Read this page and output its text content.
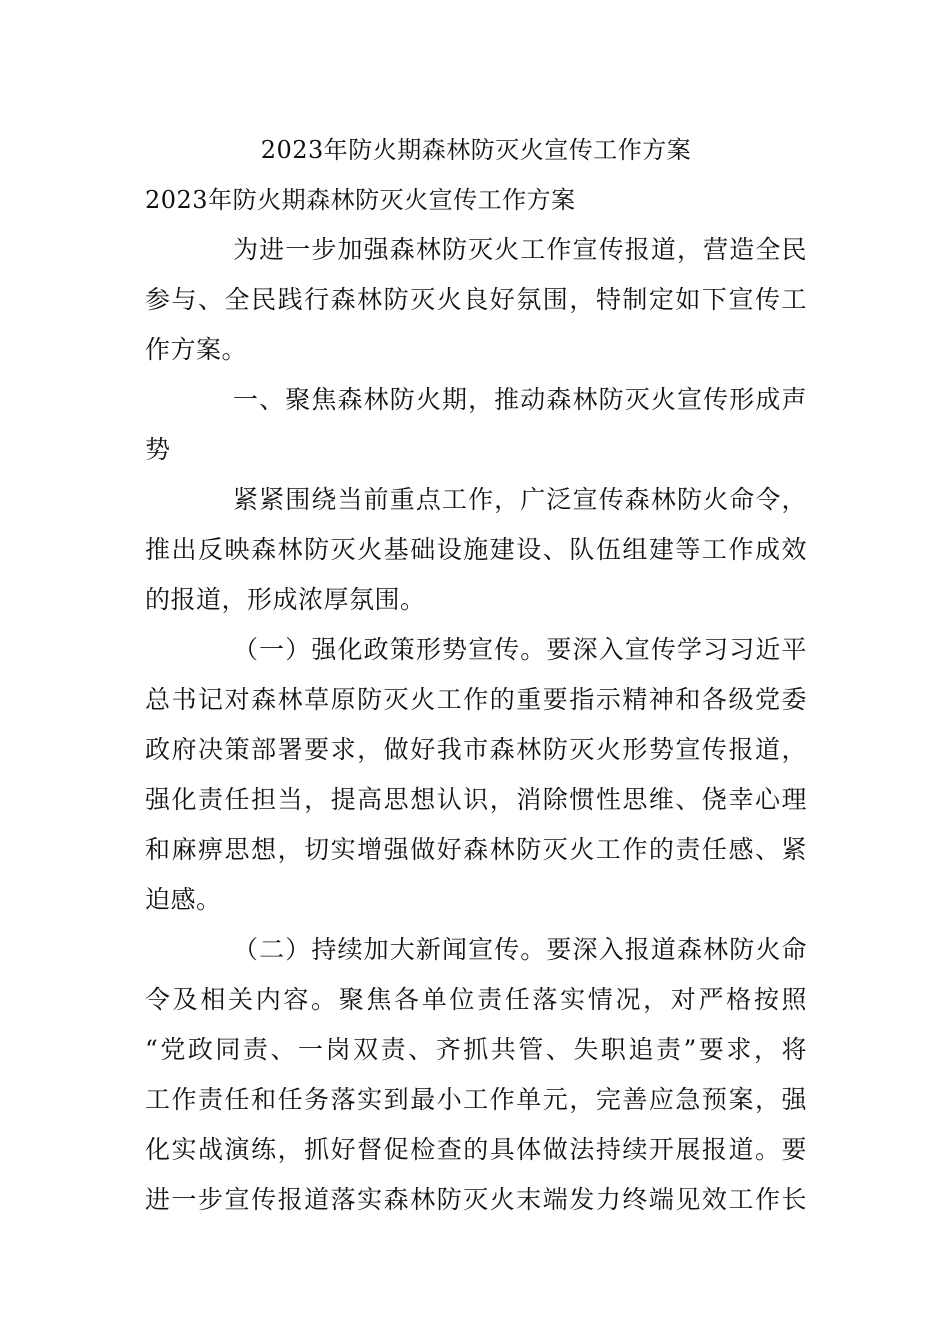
2023年防火期森林防灭火宣传工作方案
2023年防火期森林防灭火宣传工作方案
为进一步加强森林防灭火工作宣传报道，营造全民
参与、全民践行森林防灭火良好氛围，特制定如下宣传工
作方案。
一、聚焦森林防火期，推动森林防灭火宣传形成声
势
紧紧围绕当前重点工作，广泛宣传森林防火命令，
推出反映森林防灭火基础设施建设、队伍组建等工作成效
的报道，形成浓厚氛围。
（一）强化政策形势宣传。要深入宣传学习习近平
总书记对森林草原防灭火工作的重要指示精神和各级党委
政府决策部署要求，做好我市森林防灭火形势宣传报道，
强化责任担当，提高思想认识，消除惯性思维、侥幸心理
和麻痹思想，切实增强做好森林防灭火工作的责任感、紧
迫感。
（二）持续加大新闻宣传。要深入报道森林防火命
令及相关内容。聚焦各单位责任落实情况，对严格按照
“党政同责、一岗双责、齐抓共管、失职追责”要求，将
工作责任和任务落实到最小工作单元，完善应急预案，强
化实战演练，抓好督促检查的具体做法持续开展报道。要
进一步宣传报道落实森林防灭火末端发力终端见效工作长
